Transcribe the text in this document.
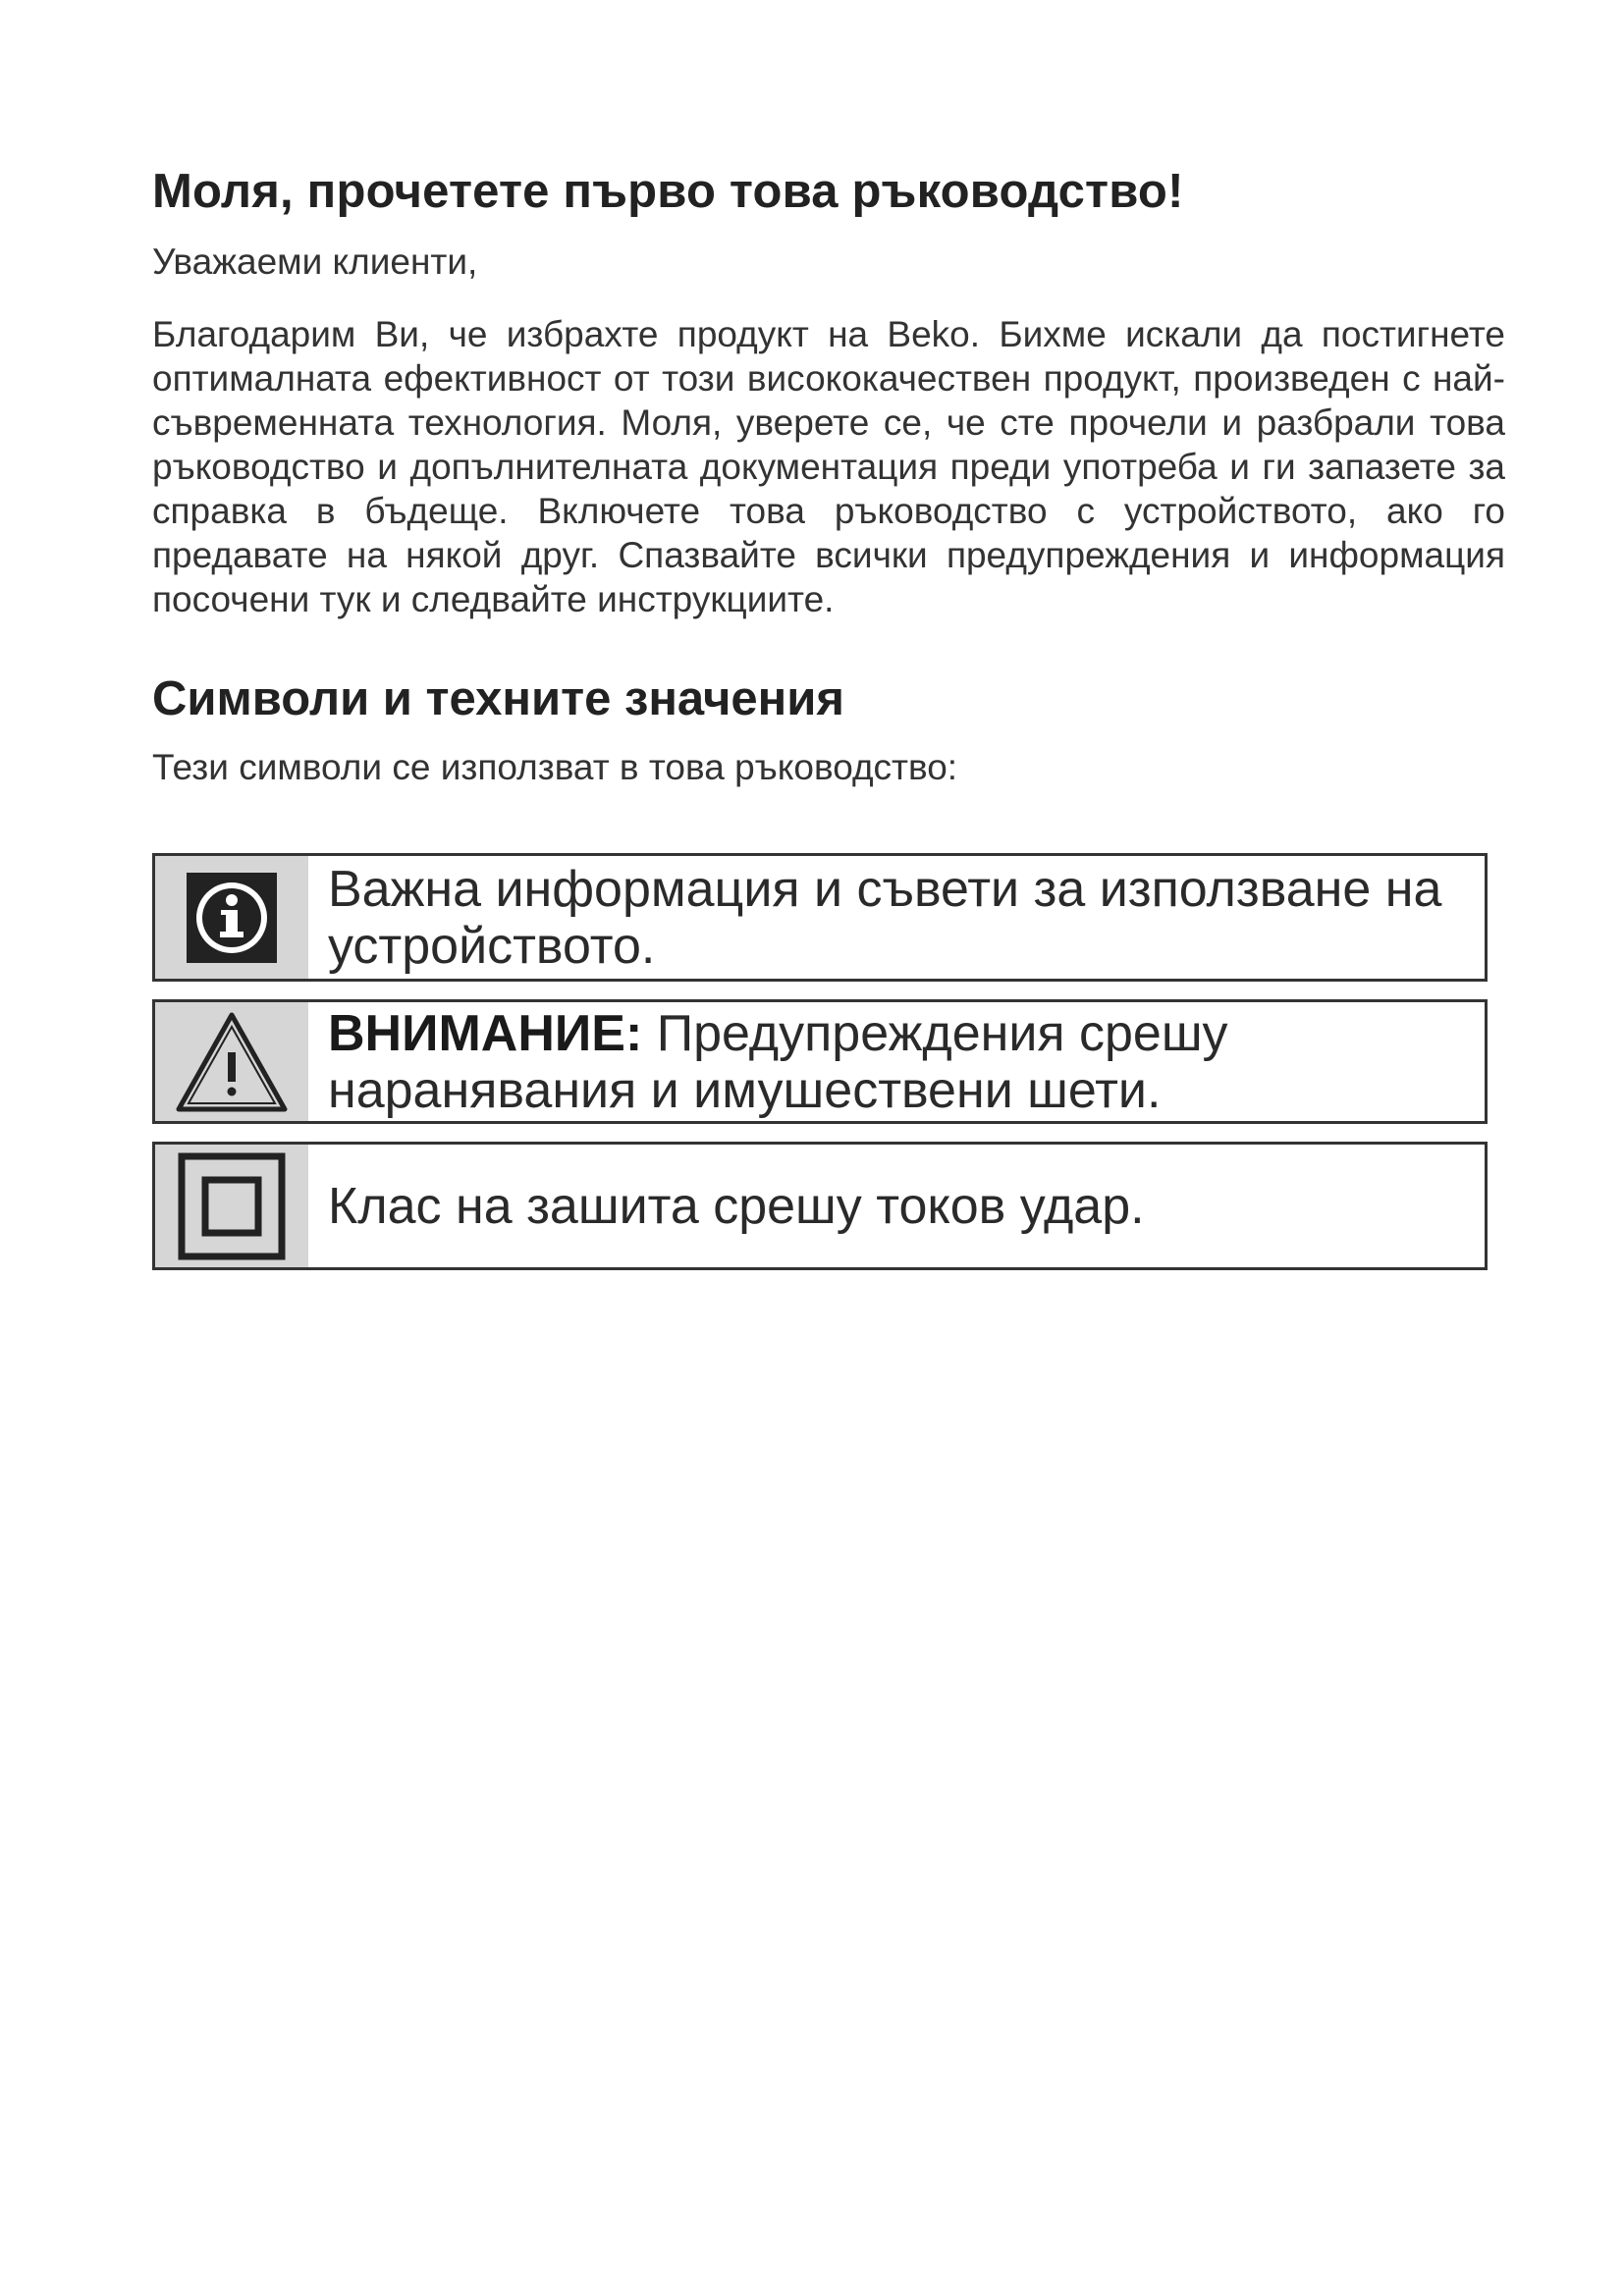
Моля, прочетете първо това ръководство!

Уважаеми клиенти,

Благодарим Ви, че избрахте продукт на Beko. Бихме искали да постигнете оптималната ефективност от този висококачествен продукт, произведен с най-съвременната технология. Моля, уверете се, че сте прочели и разбрали това ръководство и допълнителната документация преди употреба и ги запазете за справка в бъдеще. Включете това ръководство с устройството, ако го предавате на някой друг. Спазвайте всички предупреждения и информация посочени тук и следвайте инструкциите.

Символи и техните значения

Тези символи се използват в това ръководство:

Важна информация и съвети за използване на устройството.
ВНИМАНИЕ: Предупреждения срешу наранявания и имушествени шети.
Клас на зашита срешу токов удар.
